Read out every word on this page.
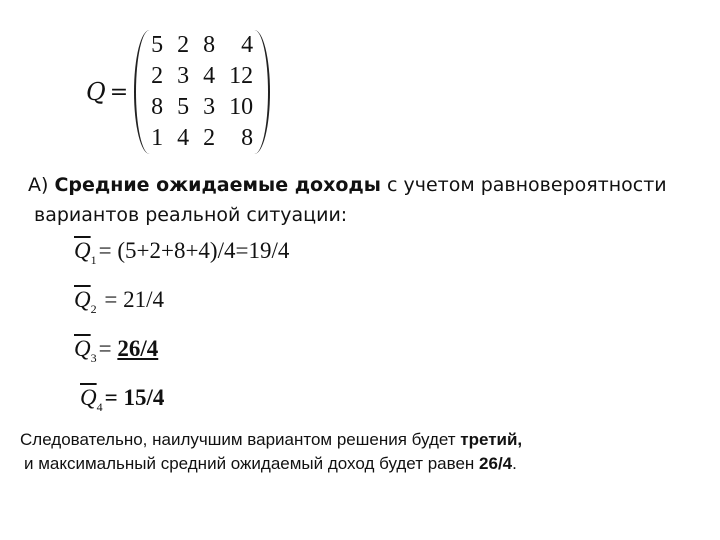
Q =
5	2	8	4
2	3	4	12
8	5	3	10
1	4	2	8
А) Средние ожидаемые доходы с учетом равновероятности
вариантов реальной ситуации:
$\overline{Q}_1= (5+2+8+4)/4=19/4$
$\overline{Q}_2 = 21/4$
$\overline{Q}_3= 26/4$
$\overline{Q}_4= 15/4$
Следовательно, наилучшим вариантом решения будет третий,
и максимальный средний ожидаемый доход будет равен 26/4.
